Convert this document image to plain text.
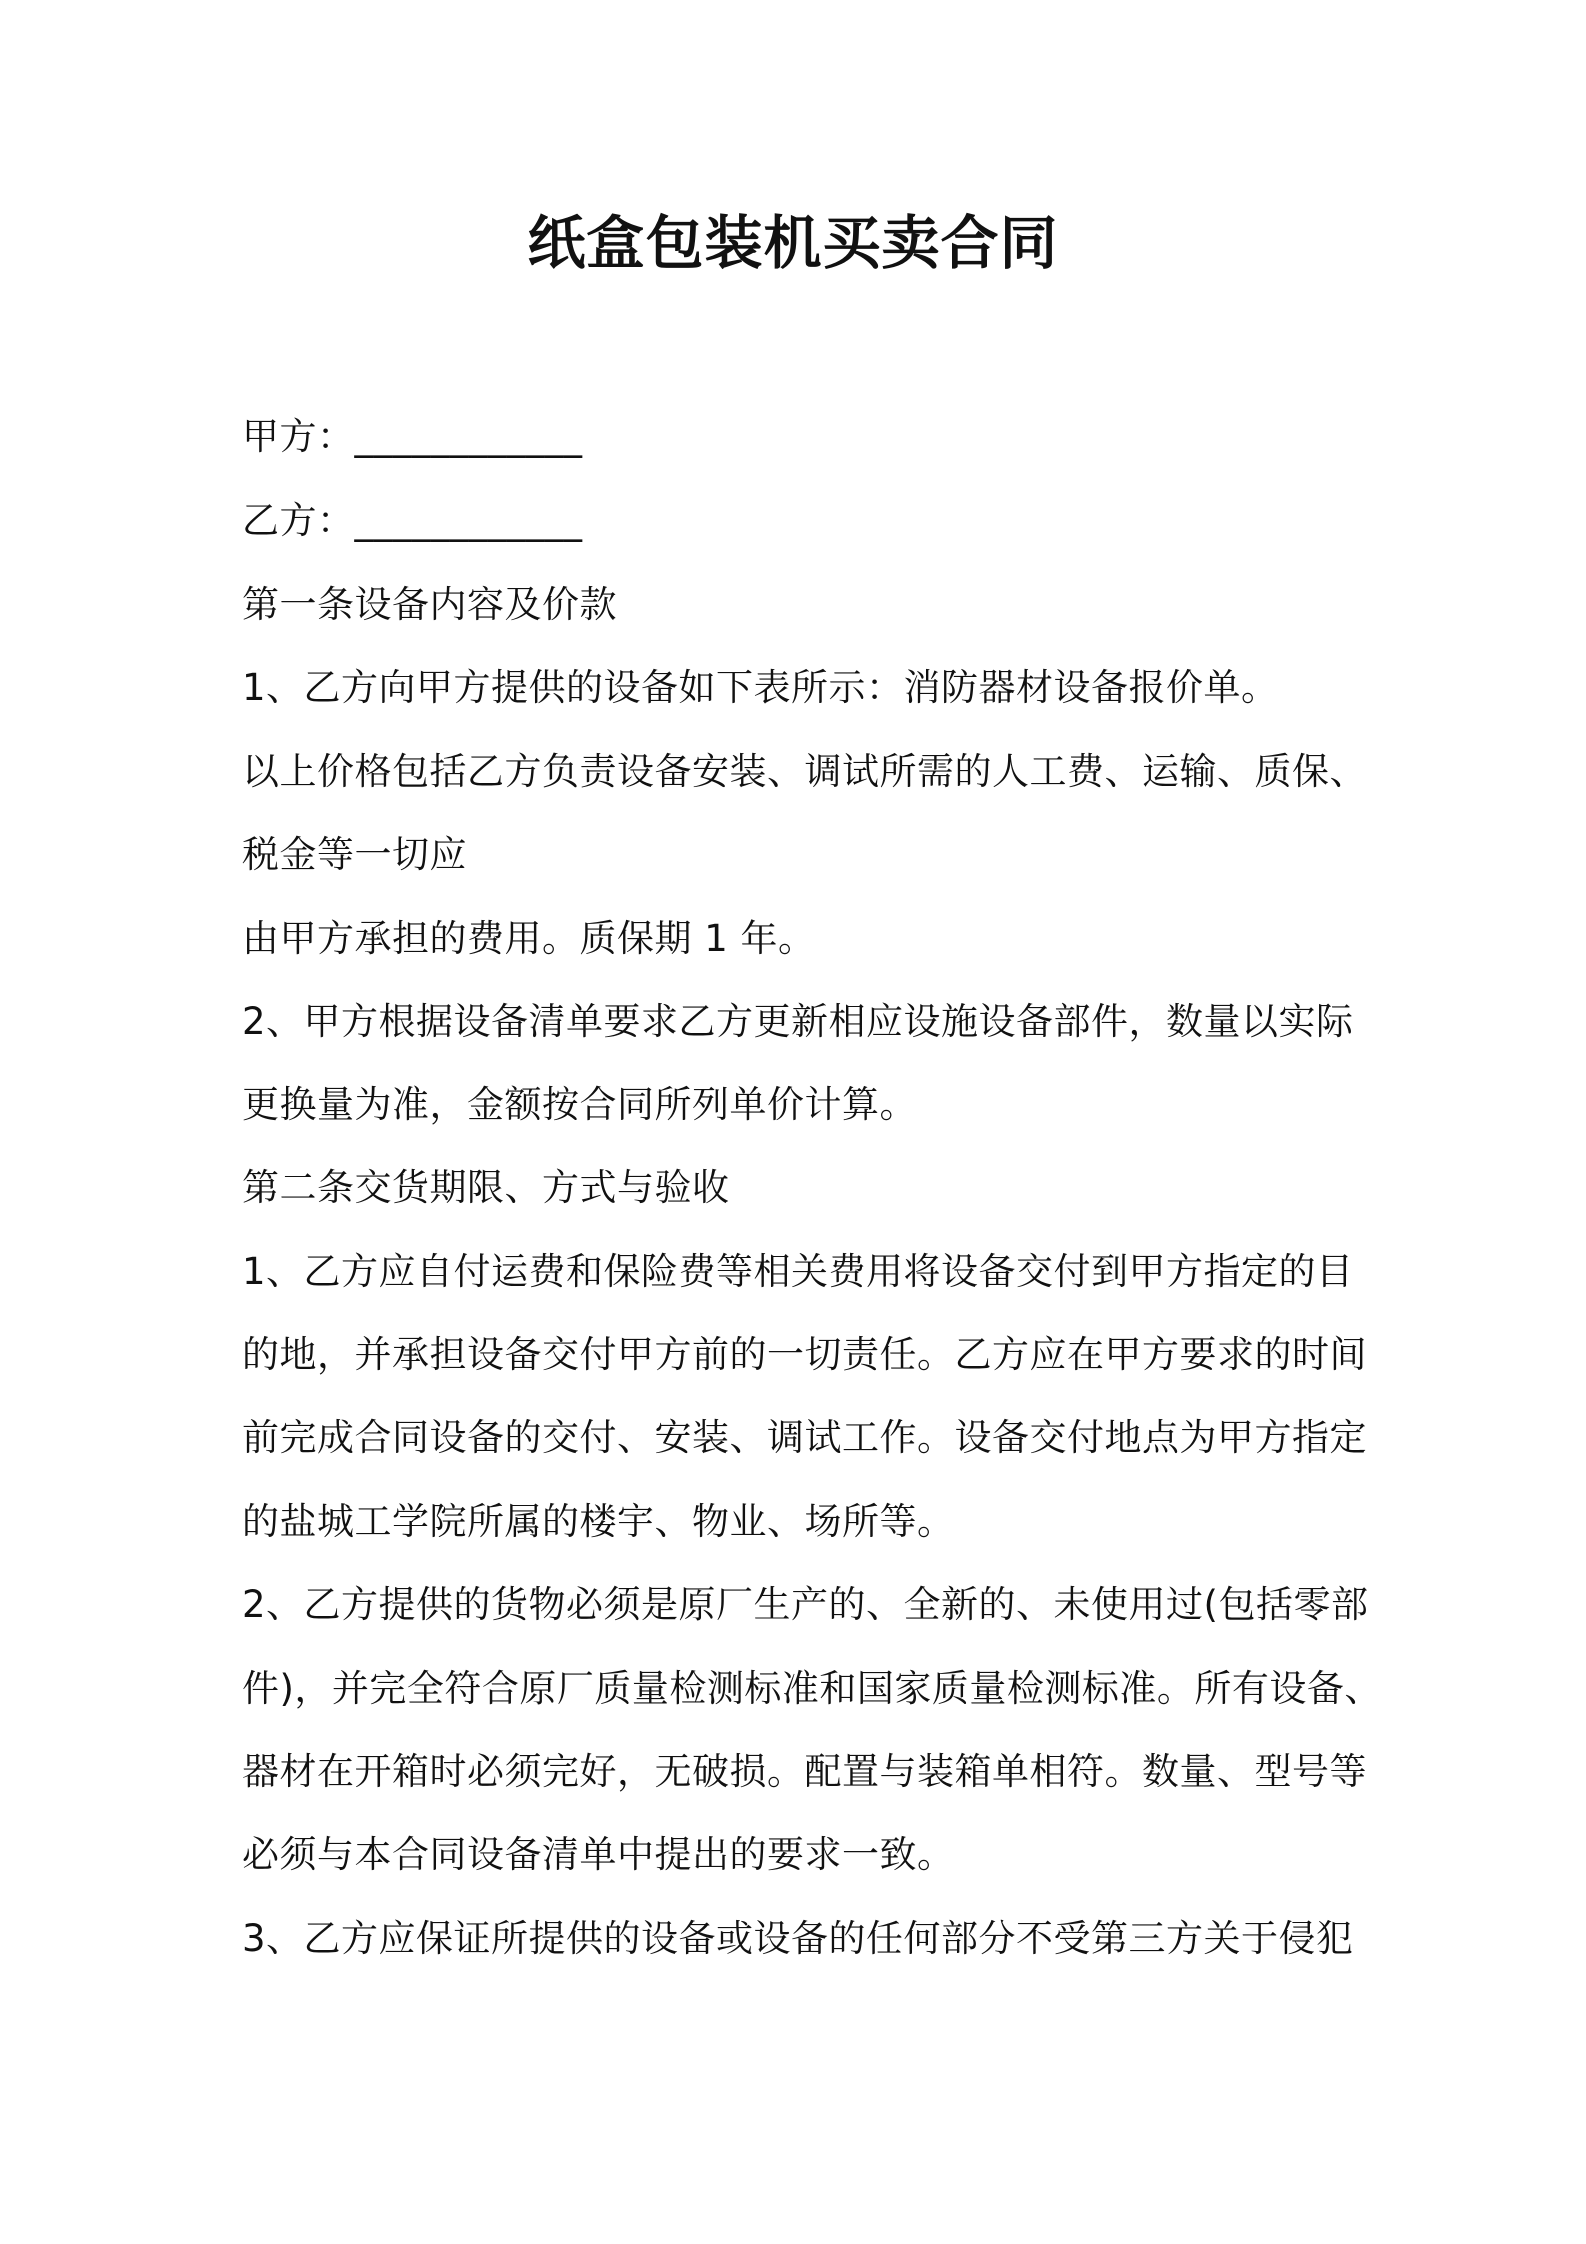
纸盒包装机买卖合同
甲方：____________
乙方：____________
第一条设备内容及价款
1、乙方向甲方提供的设备如下表所示：消防器材设备报价单。
以上价格包括乙方负责设备安装、调试所需的人工费、运输、质保、
税金等一切应
由甲方承担的费用。质保期 1 年。
2、甲方根据设备清单要求乙方更新相应设施设备部件，数量以实际
更换量为准，金额按合同所列单价计算。
第二条交货期限、方式与验收
1、乙方应自付运费和保险费等相关费用将设备交付到甲方指定的目
的地，并承担设备交付甲方前的一切责任。乙方应在甲方要求的时间
前完成合同设备的交付、安装、调试工作。设备交付地点为甲方指定
的盐城工学院所属的楼宇、物业、场所等。
2、乙方提供的货物必须是原厂生产的、全新的、未使用过(包括零部
件)，并完全符合原厂质量检测标准和国家质量检测标准。所有设备、
器材在开箱时必须完好，无破损。配置与装箱单相符。数量、型号等
必须与本合同设备清单中提出的要求一致。
3、乙方应保证所提供的设备或设备的任何部分不受第三方关于侵犯
